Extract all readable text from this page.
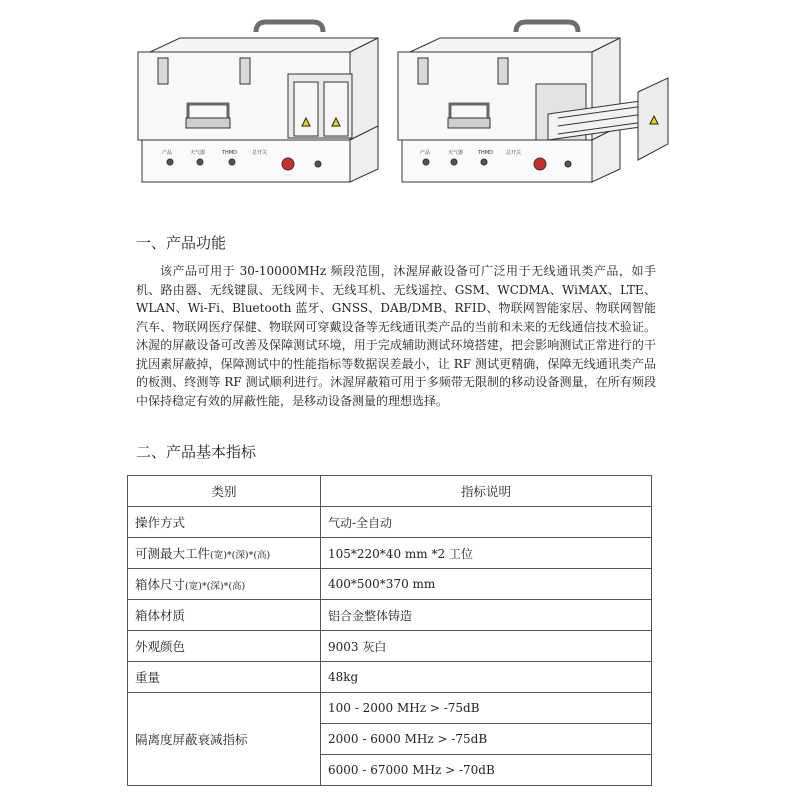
产品	天气器	THMD	总开关	产品	天气器	THMD	总开关
一、产品功能
该产品可用于 30-10000MHz 频段范围，沐渥屏蔽设备可广泛用于无线通讯类产品，如手机、路由器、无线键鼠、无线网卡、无线耳机、无线遥控、GSM、WCDMA、WiMAX、LTE、WLAN、Wi-Fi、Bluetooth 蓝牙、GNSS、DAB/DMB、RFID、物联网智能家居、物联网智能汽车、物联网医疗保健、物联网可穿戴设备等无线通讯类产品的当前和未来的无线通信技术验证。沐渥的屏蔽设备可改善及保障测试环境，用于完成辅助测试环境搭建，把会影响测试正常进行的干扰因素屏蔽掉，保障测试中的性能指标等数据误差最小，让 RF 测试更精确，保障无线通讯类产品的板测、终测等 RF 测试顺利进行。沐渥屏蔽箱可用于多频带无限制的移动设备测量，在所有频段中保持稳定有效的屏蔽性能，是移动设备测量的理想选择。
二、产品基本指标
类别	指标说明
操作方式	气动-全自动
可测最大工件(宽)*(深)*(高)	105*220*40 mm *2 工位
箱体尺寸(宽)*(深)*(高)	400*500*370 mm
箱体材质	铝合金整体铸造
外观颜色	9003 灰白
重量	48kg
隔离度屏蔽衰减指标	100 - 2000 MHz > -75dB
	2000 - 6000 MHz > -75dB
	6000 - 67000 MHz > -70dB
